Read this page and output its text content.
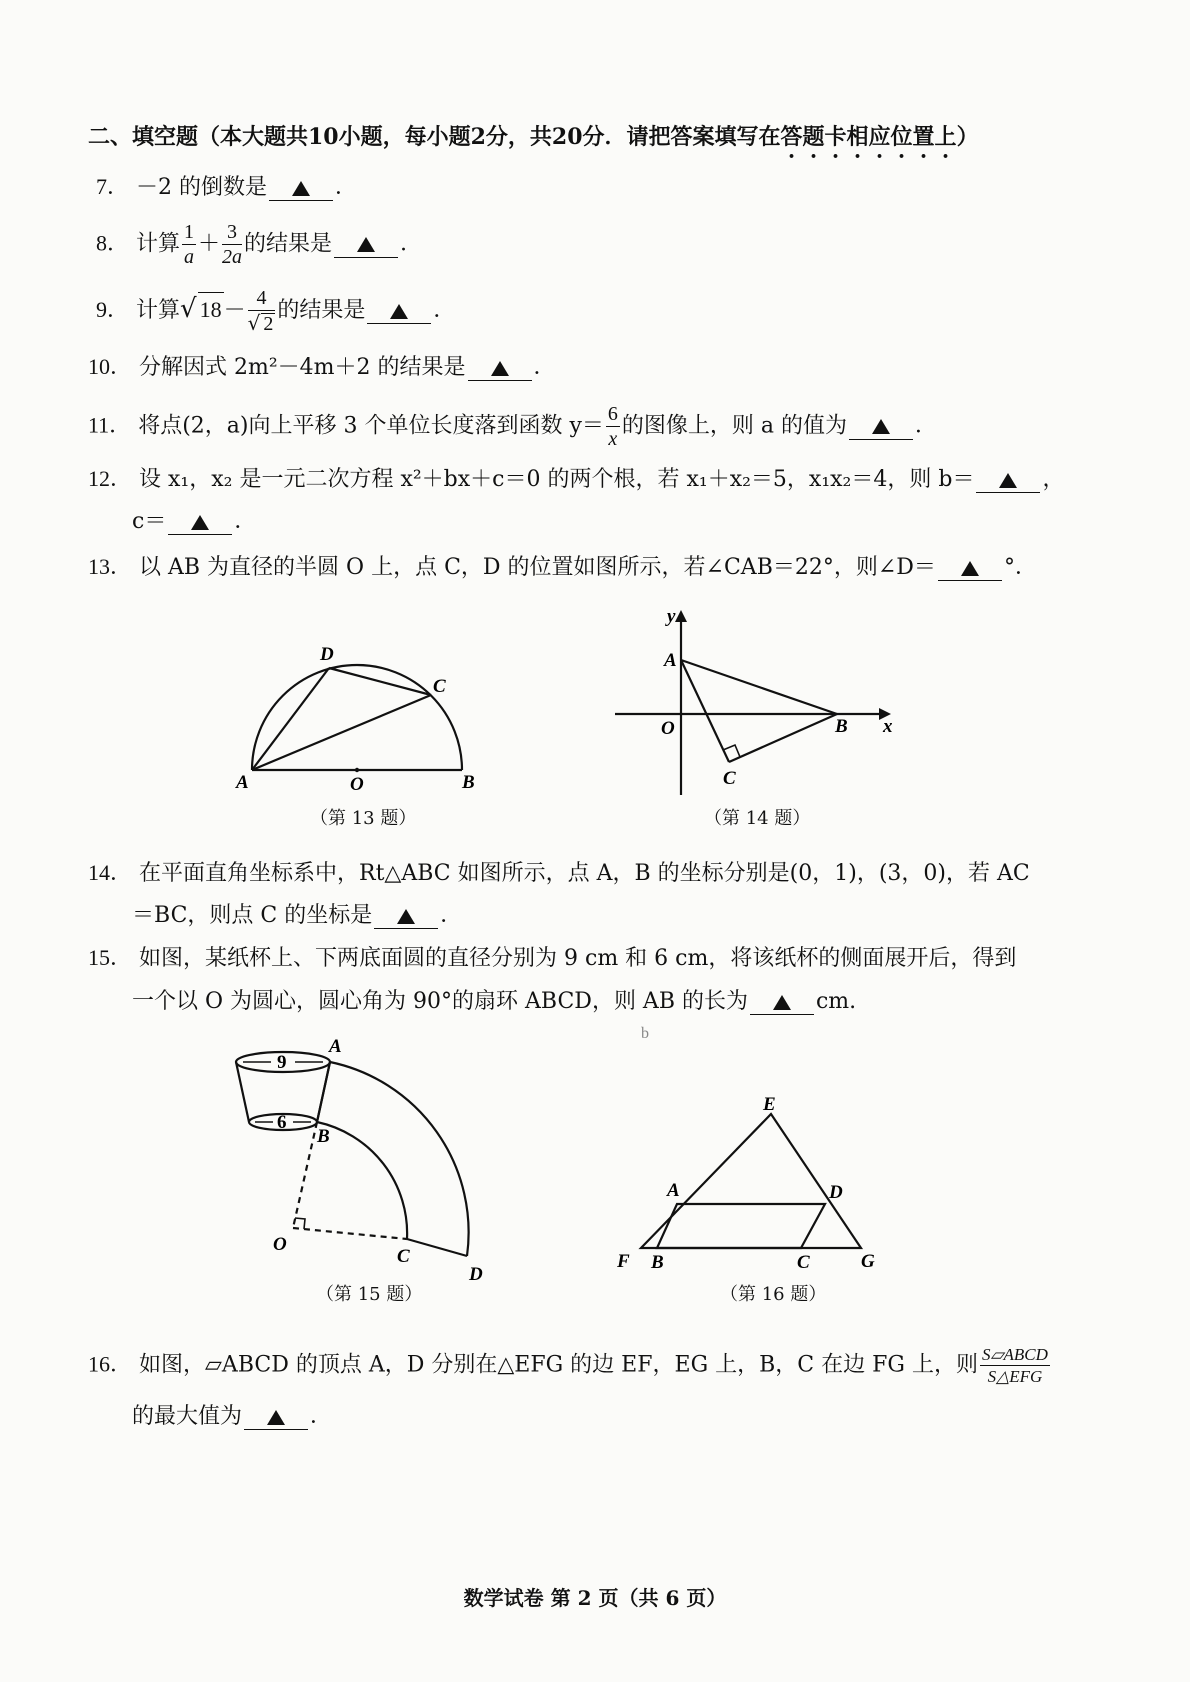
二、填空题（本大题共10小题，每小题2分，共20分．请把答案填写在答题卡相应位置上）
7． －2 的倒数是	．
8． 计算 $\frac{1}{a} + \frac{3}{2a}$ 的结果是	．
9． 计算√ $18- \frac{4}{√ 2}$ 的结果是	．
10． 分解因式 2m²－4m＋2 的结果是	．
11． 将点(2，a)向上平移 3 个单位长度落到函数 $y= \frac{6}{x}$ 的图像上，则 a 的值为	．
12． 设 x₁，x₂ 是一元二次方程 x²＋bx＋c＝0 的两个根，若 x₁＋x₂＝5，x₁x₂＝4，则 b＝	，
c＝	．
13． 以 AB 为直径的半圆 O 上，点 C，D 的位置如图所示，若∠CAB＝22°，则∠D＝	°．
A	B
C
D
O
（第 13 题）
A
B
C
O	x
y
（第 14 题）
14． 在平面直角坐标系中，Rt△ABC 如图所示，点 A，B 的坐标分别是(0，1)，(3，0)，若 AC
＝BC，则点 C 的坐标是	．
15． 如图，某纸杯上、下两底面圆的直径分别为 9 cm 和 6 cm，将该纸杯的侧面展开后，得到
一个以 O 为圆心，圆心角为 90°的扇环 ABCD，则 AB 的长为	cm.
9
6
A
B
C
D
O
（第 15 题）
b
E
F	G
A	D
B	C
（第 16 题）
16． 如图，▱ABCD 的顶点 A，D 分别在△EFG 的边 EF，EG 上，B，C 在边 FG 上，则 $\frac{\text{S▱ABCD}}{\text{S△EFG}}$
的最大值为	．
数学试卷 第 2 页（共 6 页）
